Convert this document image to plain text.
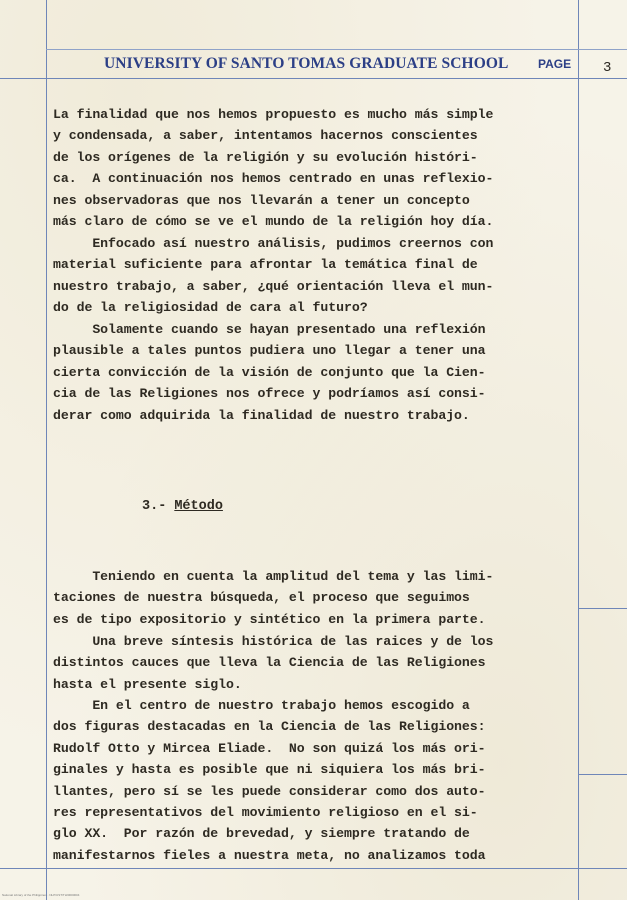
UNIVERSITY OF SANTO TOMAS GRADUATE SCHOOL PAGE 3
La finalidad que nos hemos propuesto es mucho más simple
y condensada, a saber, intentamos hacernos conscientes
de los orígenes de la religión y su evolución históri-
ca.  A continuación nos hemos centrado en unas reflexio-
nes observadoras que nos llevarán a tener un concepto
más claro de cómo se ve el mundo de la religión hoy día.
Enfocado así nuestro análisis, pudimos creernos con
material suficiente para afrontar la temática final de
nuestro trabajo, a saber, ¿qué orientación lleva el mun-
do de la religiosidad de cara al futuro?
Solamente cuando se hayan presentado una reflexión
plausible a tales puntos pudiera uno llegar a tener una
cierta convicción de la visión de conjunto que la Cien-
cia de las Religiones nos ofrece y podríamos así consi-
derar como adquirida la finalidad de nuestro trabajo.
3.- Método
Teniendo en cuenta la amplitud del tema y las limi-
taciones de nuestra búsqueda, el proceso que seguimos
es de tipo expositorio y sintético en la primera parte.
Una breve síntesis histórica de las raices y de los
distintos cauces que lleva la Ciencia de las Religiones
hasta el presente siglo.
En el centro de nuestro trabajo hemos escogido a
dos figuras destacadas en la Ciencia de las Religiones:
Rudolf Otto y Mircea Eliade.  No son quizá los más ori-
ginales y hasta es posible que ni siquiera los más bri-
llantes, pero sí se les puede considerar como dos auto-
res representativos del movimiento religioso en el si-
glo XX.  Por razón de brevedad, y siempre tratando de
manifestarnos fieles a nuestra meta, no analizamos toda
National Library of the Philippines · NLP/UST/TH/0000004
